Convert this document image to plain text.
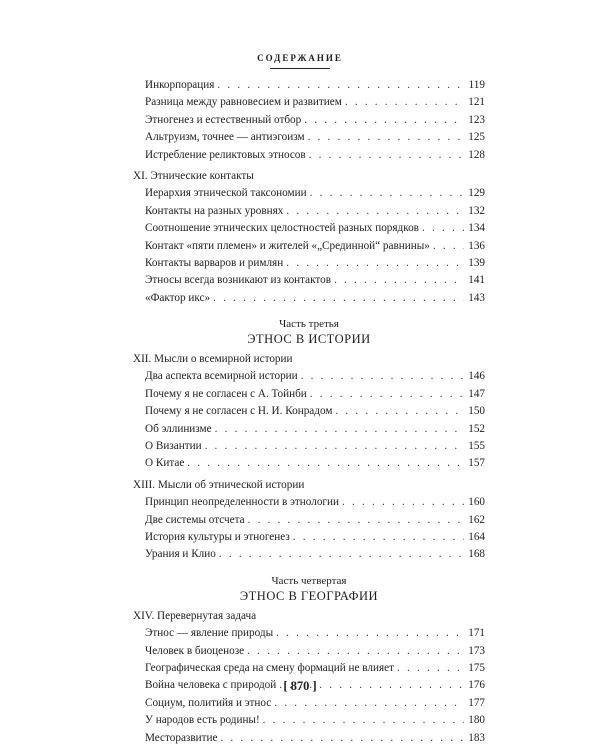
СОДЕРЖАНИЕ
Инкорпорация . . .	119
Разница между равновесием и развитием . . .	121
Этногенез и естественный отбор . . .	123
Альтруизм, точнее — антиэгоизм . . .	125
Истребление реликтовых этносов . . .	128
XI. Этнические контакты
Иерархия этнической таксономии . . .	129
Контакты на разных уровнях . . .	132
Соотношение этнических целостностей разных порядков . . .	134
Контакт «пяти племен» и жителей «„Срединной“ равнины» . . .	136
Контакты варваров и римлян . . .	139
Этносы всегда возникают из контактов . . .	141
«Фактор икс» . . .	143
Часть третья
ЭТНОС В ИСТОРИИ
XII. Мысли о всемирной истории
Два аспекта всемирной истории . . .	146
Почему я не согласен с А. Тойнби . . .	147
Почему я не согласен с Н. И. Конрадом . . .	150
Об эллинизме . . .	152
О Византии . . .	155
О Китае . . .	157
XIII. Мысли об этнической истории
Принцип неопределенности в этнологии . . .	160
Две системы отсчета . . .	162
История культуры и этногенез . . .	164
Урания и Клио . . .	168
Часть четвертая
ЭТНОС В ГЕОГРАФИИ
XIV. Перевернутая задача
Этнос — явление природы . . .	171
Человек в биоценозе . . .	173
Географическая среда на смену формаций не влияет . . .	175
Война человека с природой . . .	176
Социум, политийя и этнос . . .	177
У народов есть родины! . . .	180
Месторазвитие . . .	183
[ 870 ]
